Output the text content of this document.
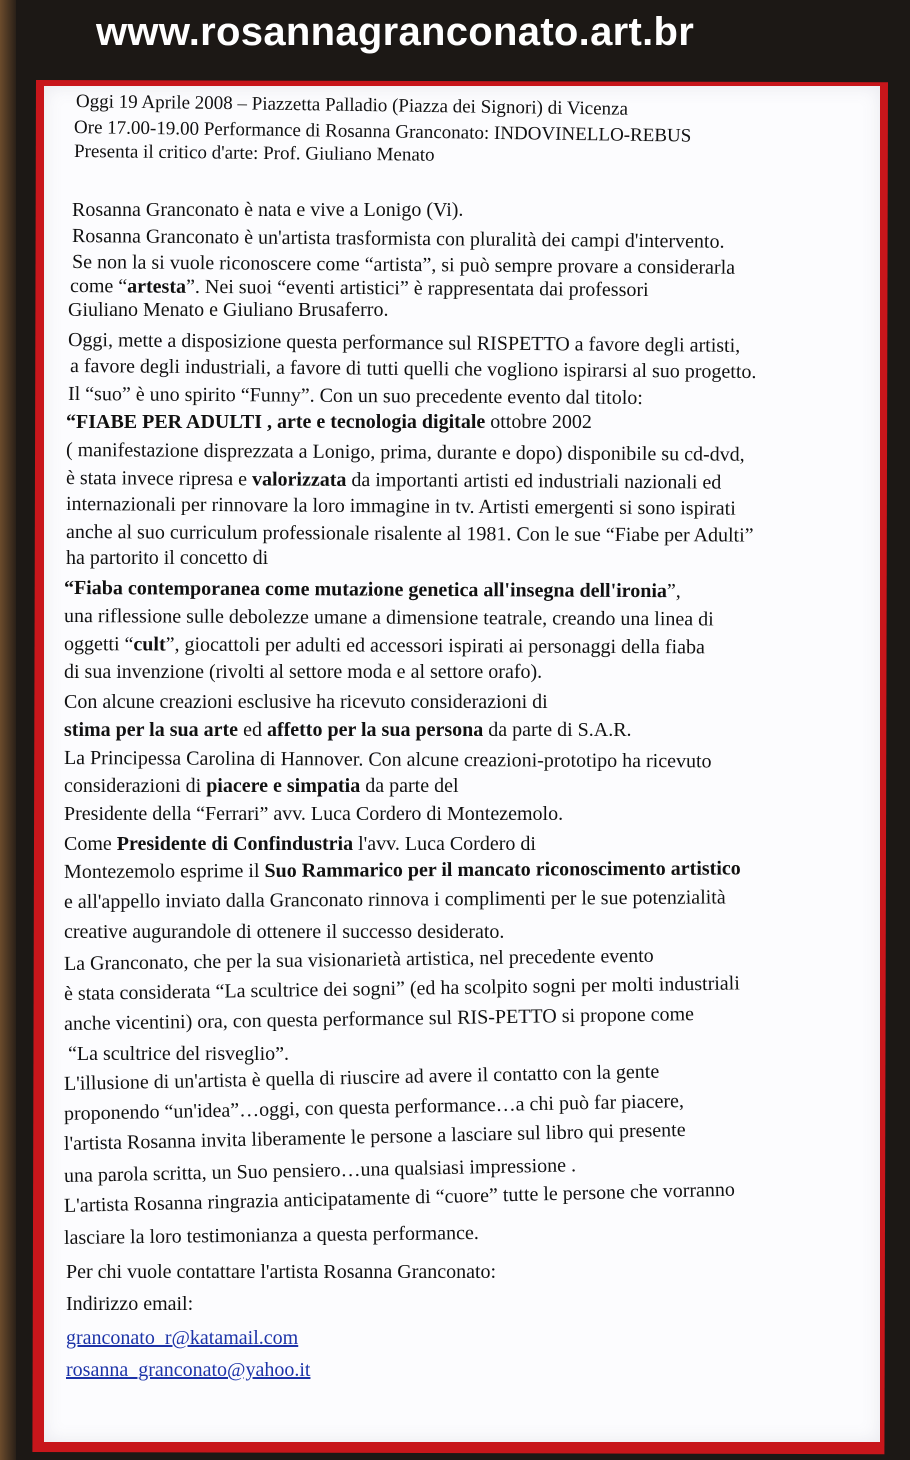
www.rosannagranconato.art.br
Oggi 19 Aprile 2008 – Piazzetta Palladio (Piazza dei Signori) di Vicenza
Ore 17.00-19.00 Performance di Rosanna Granconato: INDOVINELLO-REBUS
Presenta il critico d'arte: Prof. Giuliano Menato
Rosanna Granconato è nata e vive a Lonigo (Vi).
Rosanna Granconato è un'artista trasformista con pluralità dei campi d'intervento.
Se non la si vuole riconoscere come “artista”, si può sempre provare a considerarla
come “artesta”. Nei suoi “eventi artistici” è rappresentata dai professori
Giuliano Menato e Giuliano Brusaferro.
Oggi, mette a disposizione questa performance sul RISPETTO a favore degli artisti,
a favore degli industriali, a favore di tutti quelli che vogliono ispirarsi al suo progetto.
Il “suo” è uno spirito “Funny”. Con un suo precedente evento dal titolo:
“FIABE PER ADULTI , arte e tecnologia digitale ottobre 2002
( manifestazione disprezzata a Lonigo, prima, durante e dopo) disponibile su cd-dvd,
è stata invece ripresa e valorizzata da importanti artisti ed industriali nazionali ed
internazionali per rinnovare la loro immagine in tv. Artisti emergenti si sono ispirati
anche al suo curriculum professionale risalente al 1981. Con le sue “Fiabe per Adulti”
ha partorito il concetto di
“Fiaba contemporanea come mutazione genetica all'insegna dell'ironia”,
una riflessione sulle debolezze umane a dimensione teatrale, creando una linea di
oggetti “cult”, giocattoli per adulti ed accessori ispirati ai personaggi della fiaba
di sua invenzione (rivolti al settore moda e al settore orafo).
Con alcune creazioni esclusive ha ricevuto considerazioni di
stima per la sua arte ed affetto per la sua persona da parte di S.A.R.
La Principessa Carolina di Hannover. Con alcune creazioni-prototipo ha ricevuto
considerazioni di piacere e simpatia da parte del
Presidente della “Ferrari” avv. Luca Cordero di Montezemolo.
Come Presidente di Confindustria l'avv. Luca Cordero di
Montezemolo esprime il Suo Rammarico per il mancato riconoscimento artistico
e all'appello inviato dalla Granconato rinnova i complimenti per le sue potenzialità
creative augurandole di ottenere il successo desiderato.
La Granconato, che per la sua visionarietà artistica, nel precedente evento
è stata considerata “La scultrice dei sogni” (ed ha scolpito sogni per molti industriali
anche vicentini) ora, con questa performance sul RIS-PETTO si propone come
“La scultrice del risveglio”.
L'illusione di un'artista è quella di riuscire ad avere il contatto con la gente
proponendo “un'idea”…oggi, con questa performance…a chi può far piacere,
l'artista Rosanna invita liberamente le persone a lasciare sul libro qui presente
una parola scritta, un Suo pensiero…una qualsiasi impressione .
L'artista Rosanna ringrazia anticipatamente di “cuore” tutte le persone che vorranno
lasciare la loro testimonianza a questa performance.
Per chi vuole contattare l'artista Rosanna Granconato:
Indirizzo email:
granconato_r@katamail.com
rosanna_granconato@yahoo.it
